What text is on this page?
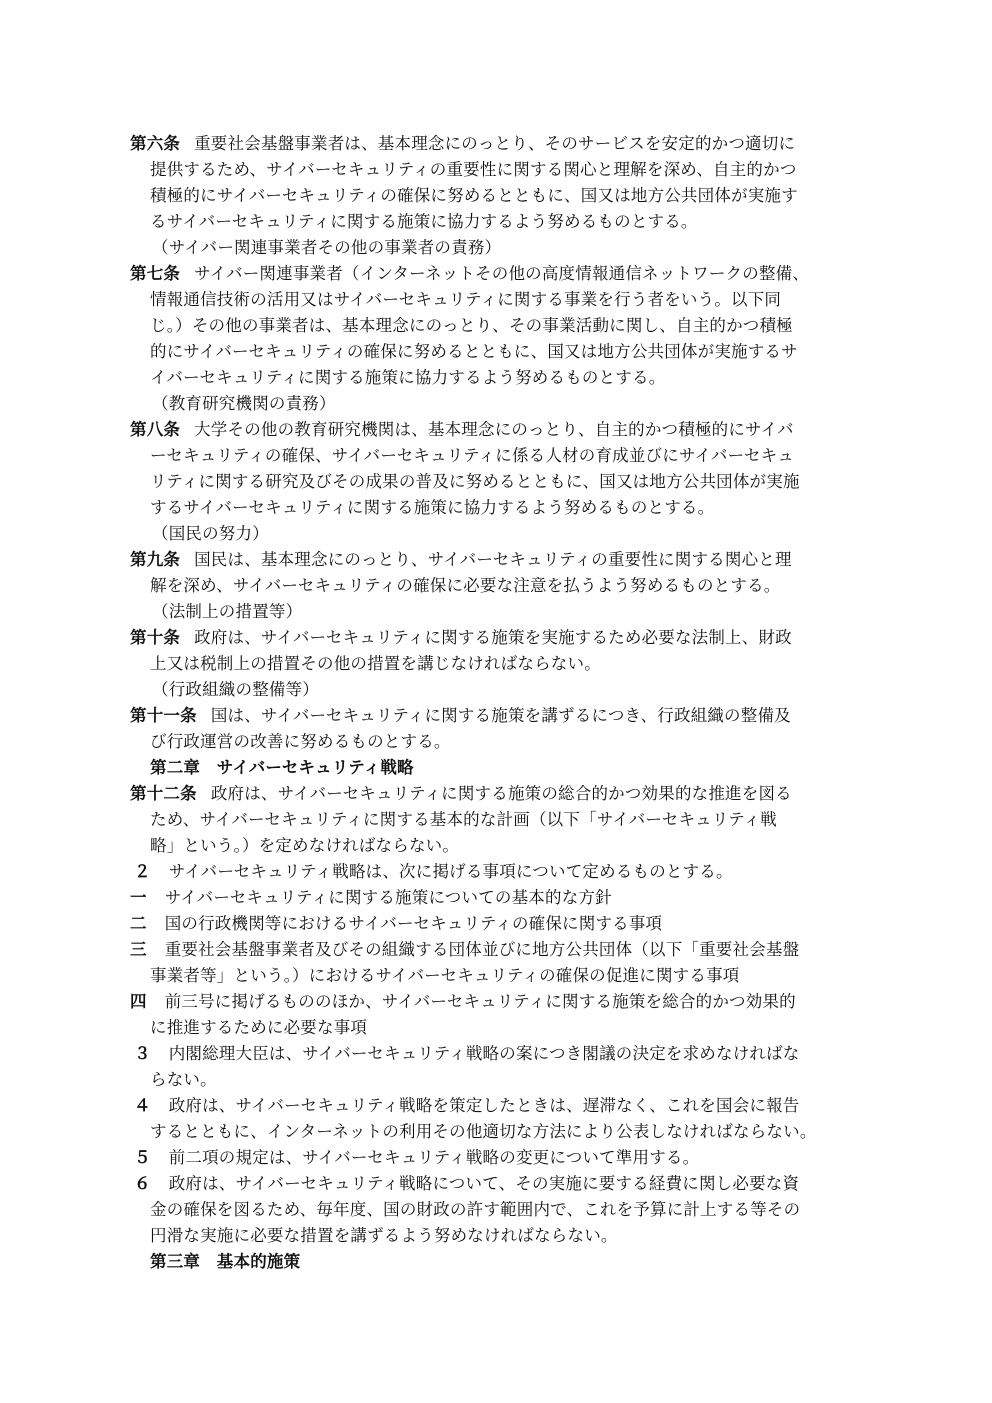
第六条 重要社会基盤事業者は、基本理念にのっとり、そのサービスを安定的かつ適切に
提供するため、サイバーセキュリティの重要性に関する関心と理解を深め、自主的かつ
積極的にサイバーセキュリティの確保に努めるとともに、国又は地方公共団体が実施す
るサイバーセキュリティに関する施策に協力するよう努めるものとする。
（サイバー関連事業者その他の事業者の責務）
第七条 サイバー関連事業者（インターネットその他の高度情報通信ネットワークの整備、
情報通信技術の活用又はサイバーセキュリティに関する事業を行う者をいう。以下同
じ。）その他の事業者は、基本理念にのっとり、その事業活動に関し、自主的かつ積極
的にサイバーセキュリティの確保に努めるとともに、国又は地方公共団体が実施するサ
イバーセキュリティに関する施策に協力するよう努めるものとする。
（教育研究機関の責務）
第八条 大学その他の教育研究機関は、基本理念にのっとり、自主的かつ積極的にサイバ
ーセキュリティの確保、サイバーセキュリティに係る人材の育成並びにサイバーセキュ
リティに関する研究及びその成果の普及に努めるとともに、国又は地方公共団体が実施
するサイバーセキュリティに関する施策に協力するよう努めるものとする。
（国民の努力）
第九条 国民は、基本理念にのっとり、サイバーセキュリティの重要性に関する関心と理
解を深め、サイバーセキュリティの確保に必要な注意を払うよう努めるものとする。
（法制上の措置等）
第十条 政府は、サイバーセキュリティに関する施策を実施するため必要な法制上、財政
上又は税制上の措置その他の措置を講じなければならない。
（行政組織の整備等）
第十一条 国は、サイバーセキュリティに関する施策を講ずるにつき、行政組織の整備及
び行政運営の改善に努めるものとする。
第二章　サイバーセキュリティ戦略
第十二条 政府は、サイバーセキュリティに関する施策の総合的かつ効果的な推進を図る
ため、サイバーセキュリティに関する基本的な計画（以下「サイバーセキュリティ戦
略」という。）を定めなければならない。
２ サイバーセキュリティ戦略は、次に掲げる事項について定めるものとする。
一 サイバーセキュリティに関する施策についての基本的な方針
二 国の行政機関等におけるサイバーセキュリティの確保に関する事項
三 重要社会基盤事業者及びその組織する団体並びに地方公共団体（以下「重要社会基盤
事業者等」という。）におけるサイバーセキュリティの確保の促進に関する事項
四 前三号に掲げるもののほか、サイバーセキュリティに関する施策を総合的かつ効果的
に推進するために必要な事項
３ 内閣総理大臣は、サイバーセキュリティ戦略の案につき閣議の決定を求めなければな
らない。
４ 政府は、サイバーセキュリティ戦略を策定したときは、遅滞なく、これを国会に報告
するとともに、インターネットの利用その他適切な方法により公表しなければならない。
５ 前二項の規定は、サイバーセキュリティ戦略の変更について準用する。
６ 政府は、サイバーセキュリティ戦略について、その実施に要する経費に関し必要な資
金の確保を図るため、毎年度、国の財政の許す範囲内で、これを予算に計上する等その
円滑な実施に必要な措置を講ずるよう努めなければならない。
第三章　基本的施策
